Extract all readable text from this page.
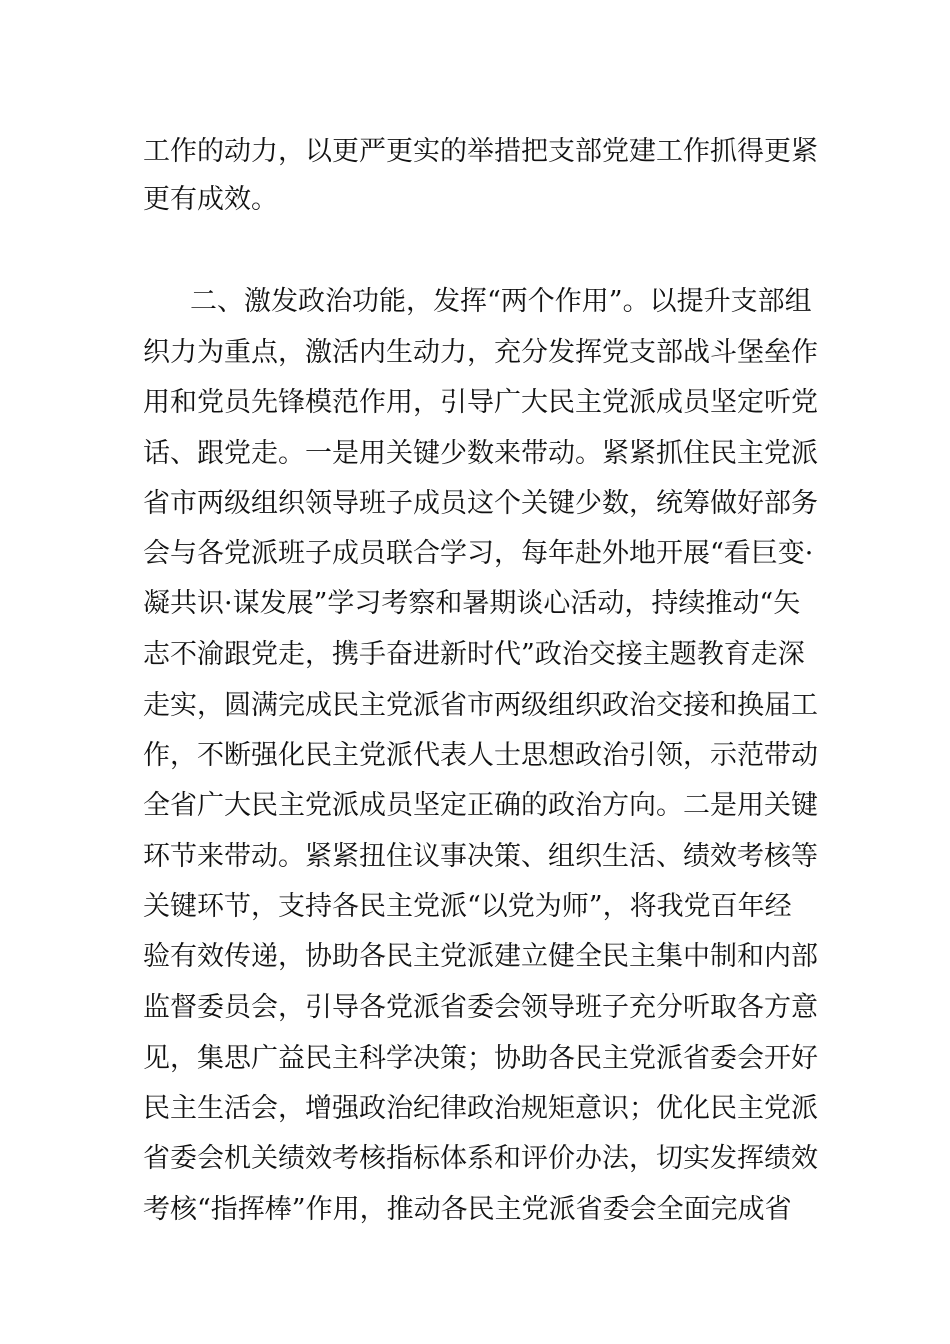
工作的动力，以更严更实的举措把支部党建工作抓得更紧
更有成效。
二、激发政治功能，发挥“两个作用”。以提升支部组
织力为重点，激活内生动力，充分发挥党支部战斗堡垒作
用和党员先锋模范作用，引导广大民主党派成员坚定听党
话、跟党走。一是用关键少数来带动。紧紧抓住民主党派
省市两级组织领导班子成员这个关键少数，统筹做好部务
会与各党派班子成员联合学习，每年赴外地开展“看巨变·
凝共识·谋发展”学习考察和暑期谈心活动，持续推动“矢
志不渝跟党走，携手奋进新时代”政治交接主题教育走深
走实，圆满完成民主党派省市两级组织政治交接和换届工
作，不断强化民主党派代表人士思想政治引领，示范带动
全省广大民主党派成员坚定正确的政治方向。二是用关键
环节来带动。紧紧扭住议事决策、组织生活、绩效考核等
关键环节，支持各民主党派“以党为师”，将我党百年经
验有效传递，协助各民主党派建立健全民主集中制和内部
监督委员会，引导各党派省委会领导班子充分听取各方意
见，集思广益民主科学决策；协助各民主党派省委会开好
民主生活会，增强政治纪律政治规矩意识；优化民主党派
省委会机关绩效考核指标体系和评价办法，切实发挥绩效
考核“指挥棒”作用，推动各民主党派省委会全面完成省
